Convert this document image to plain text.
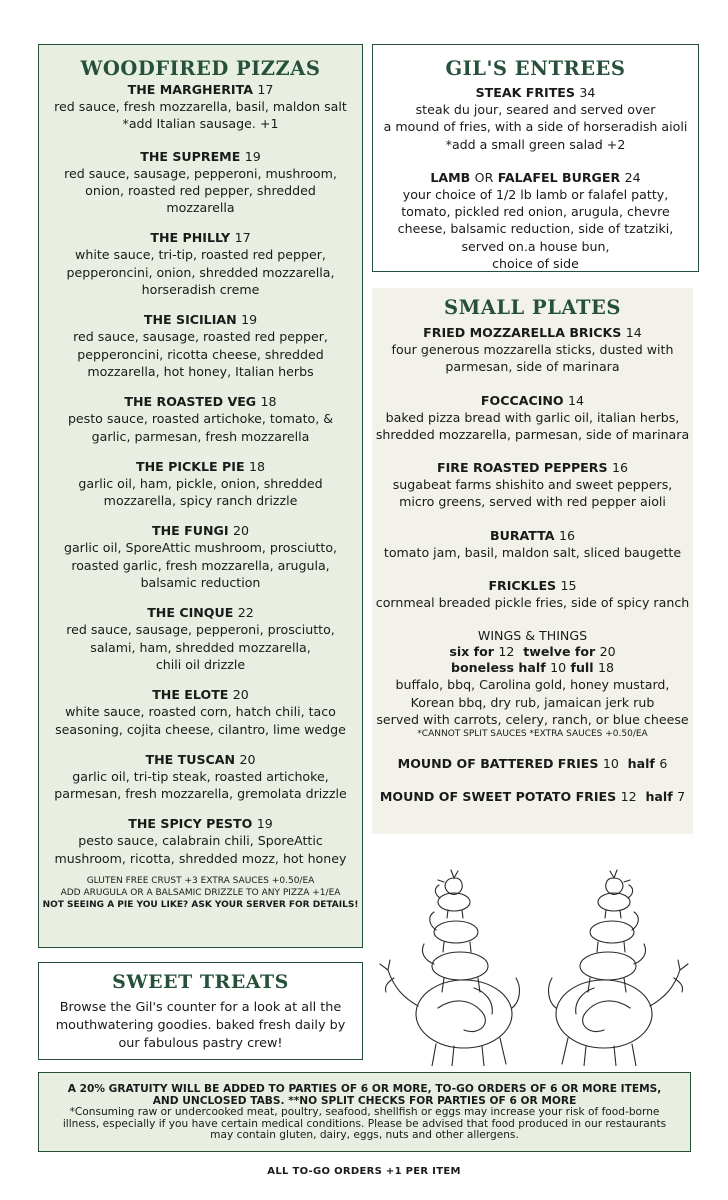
WOODFIRED PIZZAS
THE MARGHERITA 17
red sauce, fresh mozzarella, basil, maldon salt
*add Italian sausage. +1
THE SUPREME 19
red sauce, sausage, pepperoni, mushroom,
onion, roasted red pepper, shredded
mozzarella
THE PHILLY 17
white sauce, tri-tip, roasted red pepper,
pepperoncini, onion, shredded mozzarella,
horseradish creme
THE SICILIAN 19
red sauce, sausage, roasted red pepper,
pepperoncini, ricotta cheese, shredded
mozzarella, hot honey, Italian herbs
THE ROASTED VEG 18
pesto sauce, roasted artichoke, tomato, &
garlic, parmesan, fresh mozzarella
THE PICKLE PIE 18
garlic oil, ham, pickle, onion, shredded
mozzarella, spicy ranch drizzle
THE FUNGI 20
garlic oil, SporeAttic mushroom, prosciutto,
roasted garlic, fresh mozzarella, arugula,
balsamic reduction
THE CINQUE 22
red sauce, sausage, pepperoni, prosciutto,
salami, ham, shredded mozzarella,
chili oil drizzle
THE ELOTE 20
white sauce, roasted corn, hatch chili, taco
seasoning, cojita cheese, cilantro, lime wedge
THE TUSCAN 20
garlic oil, tri-tip steak, roasted artichoke,
parmesan, fresh mozzarella, gremolata drizzle
THE SPICY PESTO 19
pesto sauce, calabrain chili, SporeAttic
mushroom, ricotta, shredded mozz, hot honey
GLUTEN FREE CRUST +3 EXTRA SAUCES +0.50/EA
ADD ARUGULA OR A BALSAMIC DRIZZLE TO ANY PIZZA +1/EA
NOT SEEING A PIE YOU LIKE? ASK YOUR SERVER FOR DETAILS!
GIL'S ENTREES
STEAK FRITES 34
steak du jour, seared and served over
a mound of fries, with a side of horseradish aioli
*add a small green salad +2
LAMB OR FALAFEL BURGER 24
your choice of 1/2 lb lamb or falafel patty,
tomato, pickled red onion, arugula, chevre
cheese, balsamic reduction, side of tzatziki,
served on.a house bun,
choice of side
SMALL PLATES
FRIED MOZZARELLA BRICKS 14
four generous mozzarella sticks, dusted with
parmesan, side of marinara
FOCCACINO 14
baked pizza bread with garlic oil, italian herbs,
shredded mozzarella, parmesan, side of marinara
FIRE ROASTED PEPPERS 16
sugabeat farms shishito and sweet peppers,
micro greens, served with red pepper aioli
BURATTA 16
tomato jam, basil, maldon salt, sliced baugette
FRICKLES 15
cornmeal breaded pickle fries, side of spicy ranch
WINGS & THINGS
six for 12 twelve for 20
boneless half 10 full 18
buffalo, bbq, Carolina gold, honey mustard,
Korean bbq, dry rub, jamaican jerk rub
served with carrots, celery, ranch, or blue cheese
*CANNOT SPLIT SAUCES *EXTRA SAUCES +0.50/EA
MOUND OF BATTERED FRIES 10 half 6
MOUND OF SWEET POTATO FRIES 12 half 7
SWEET TREATS
Browse the Gil's counter for a look at all the
mouthwatering goodies. baked fresh daily by
our fabulous pastry crew!
A 20% GRATUITY WILL BE ADDED TO PARTIES OF 6 OR MORE, TO-GO ORDERS OF 6 OR MORE ITEMS,
AND UNCLOSED TABS. **NO SPLIT CHECKS FOR PARTIES OF 6 OR MORE
*Consuming raw or undercooked meat, poultry, seafood, shellfish or eggs may increase your risk of food-borne
illness, especially if you have certain medical conditions. Please be advised that food produced in our restaurants
may contain gluten, dairy, eggs, nuts and other allergens.
ALL TO-GO ORDERS +1 PER ITEM
